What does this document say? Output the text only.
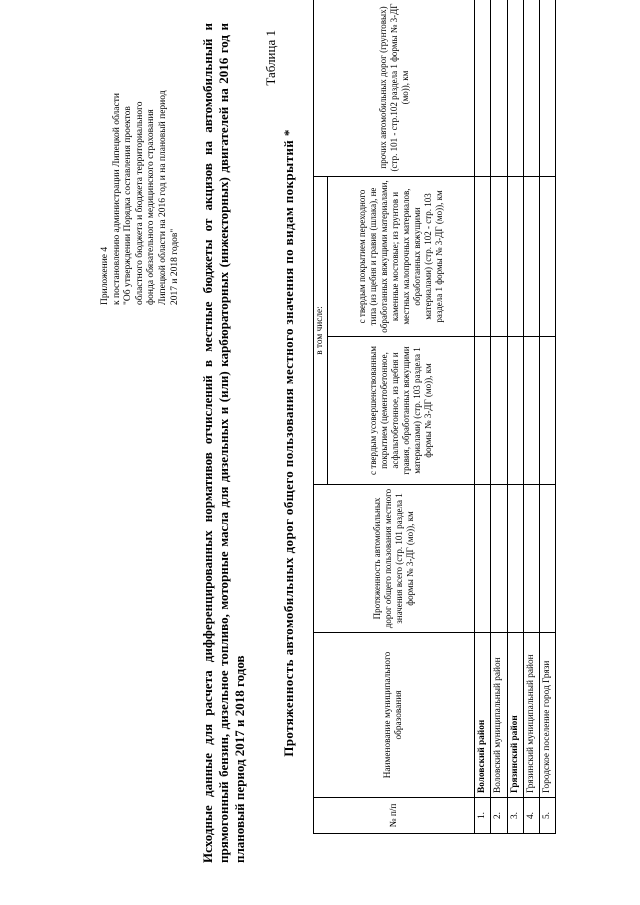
Приложение 4 к постановлению администрации Липецкой области
"Об утверждении Порядка составления проектов
областного бюджета и бюджета территориального
фонда обязательного медицинского страхования
Липецкой области на 2016 год и на плановый период
2017 и 2018 годов" Исходные данные для расчета дифференцированных нормативов отчислений в местные бюджеты от акцизов на автомобильный и прямогонный бензин, дизельное топливо, моторные масла для дизельных и (или) карбюраторных (инжекторных) двигателей на 2016 год и плановый период 2017 и 2018 годов

Таблица 1

Протяженность автомобильных дорог общего пользования местного значения по видам покрытий *

№ п/п	Наименование муниципального образования	Протяженность автомобильных дорог общего пользования местного значения всего (стр. 101 раздела 1 формы № 3-ДГ (мо)), км	в том числе:		прочих автомобильных дорог (грунтовых) (стр. 101 - стр.102 раздела 1 формы № 3-ДГ (мо)), км
			с твердым усовершенствованным покрытием (цементобетонное, асфальтобетонное, из щебня и гравия, обработанных вяжущими материалами) (стр. 103 раздела 1 формы № 3-ДГ (мо)), км	с твердым покрытием переходного типа (из щебня и гравия (шлака), не обработанных вяжущими материалами, каменные мостовые; из грунтов и местных малопрочных материалов, обработанных вяжущими материалами) (стр. 102 - стр. 103 раздела 1 формы № 3-ДГ (мо)), км	
1.	Воловский район				
2.	Воловский муниципальный район				
3.	Грязинский район				
4.	Грязинский муниципальный район				
5.	Городское поселение город Грязи				
